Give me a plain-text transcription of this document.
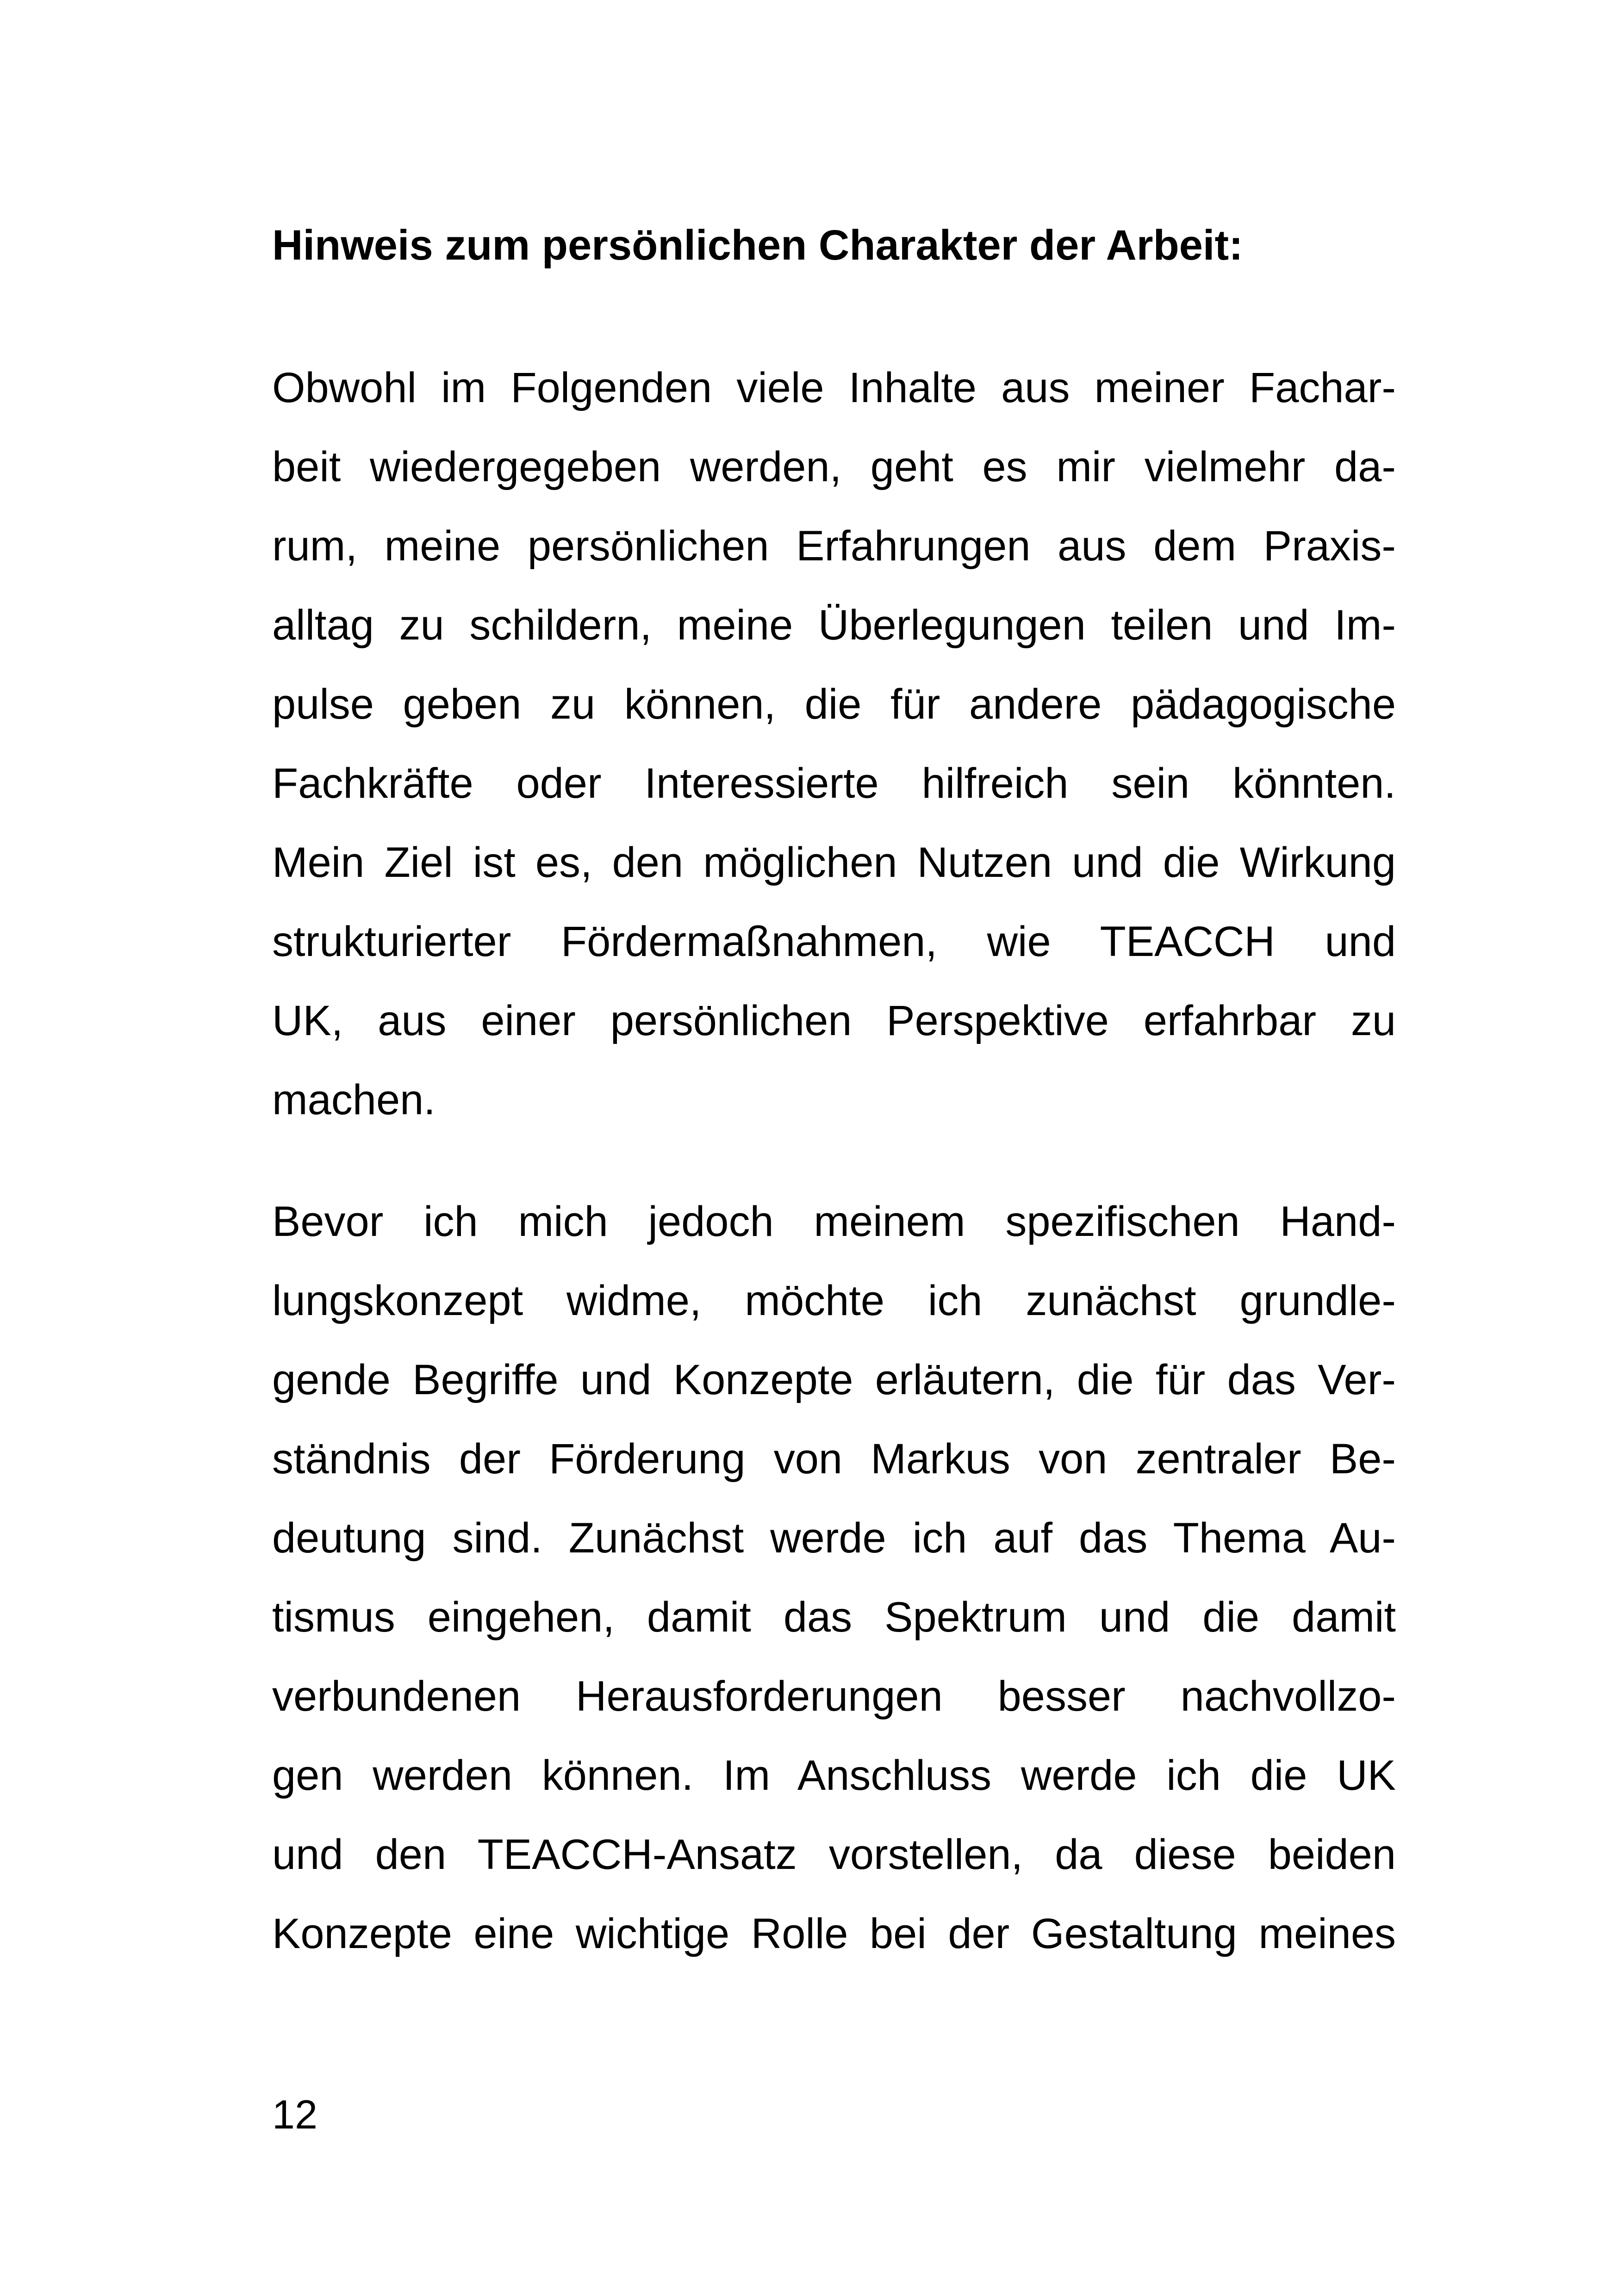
Hinweis zum persönlichen Charakter der Arbeit:
Obwohl im Folgenden viele Inhalte aus meiner Fachar-
beit wiedergegeben werden, geht es mir vielmehr da-
rum, meine persönlichen Erfahrungen aus dem Praxis-
alltag zu schildern, meine Überlegungen teilen und Im-
pulse geben zu können, die für andere pädagogische
Fachkräfte oder Interessierte hilfreich sein könnten.
Mein Ziel ist es, den möglichen Nutzen und die Wirkung
strukturierter Fördermaßnahmen, wie TEACCH und
UK, aus einer persönlichen Perspektive erfahrbar zu
machen.
Bevor ich mich jedoch meinem spezifischen Hand-
lungskonzept widme, möchte ich zunächst grundle-
gende Begriffe und Konzepte erläutern, die für das Ver-
ständnis der Förderung von Markus von zentraler Be-
deutung sind. Zunächst werde ich auf das Thema Au-
tismus eingehen, damit das Spektrum und die damit
verbundenen Herausforderungen besser nachvollzo-
gen werden können. Im Anschluss werde ich die UK
und den TEACCH-Ansatz vorstellen, da diese beiden
Konzepte eine wichtige Rolle bei der Gestaltung meines
12
